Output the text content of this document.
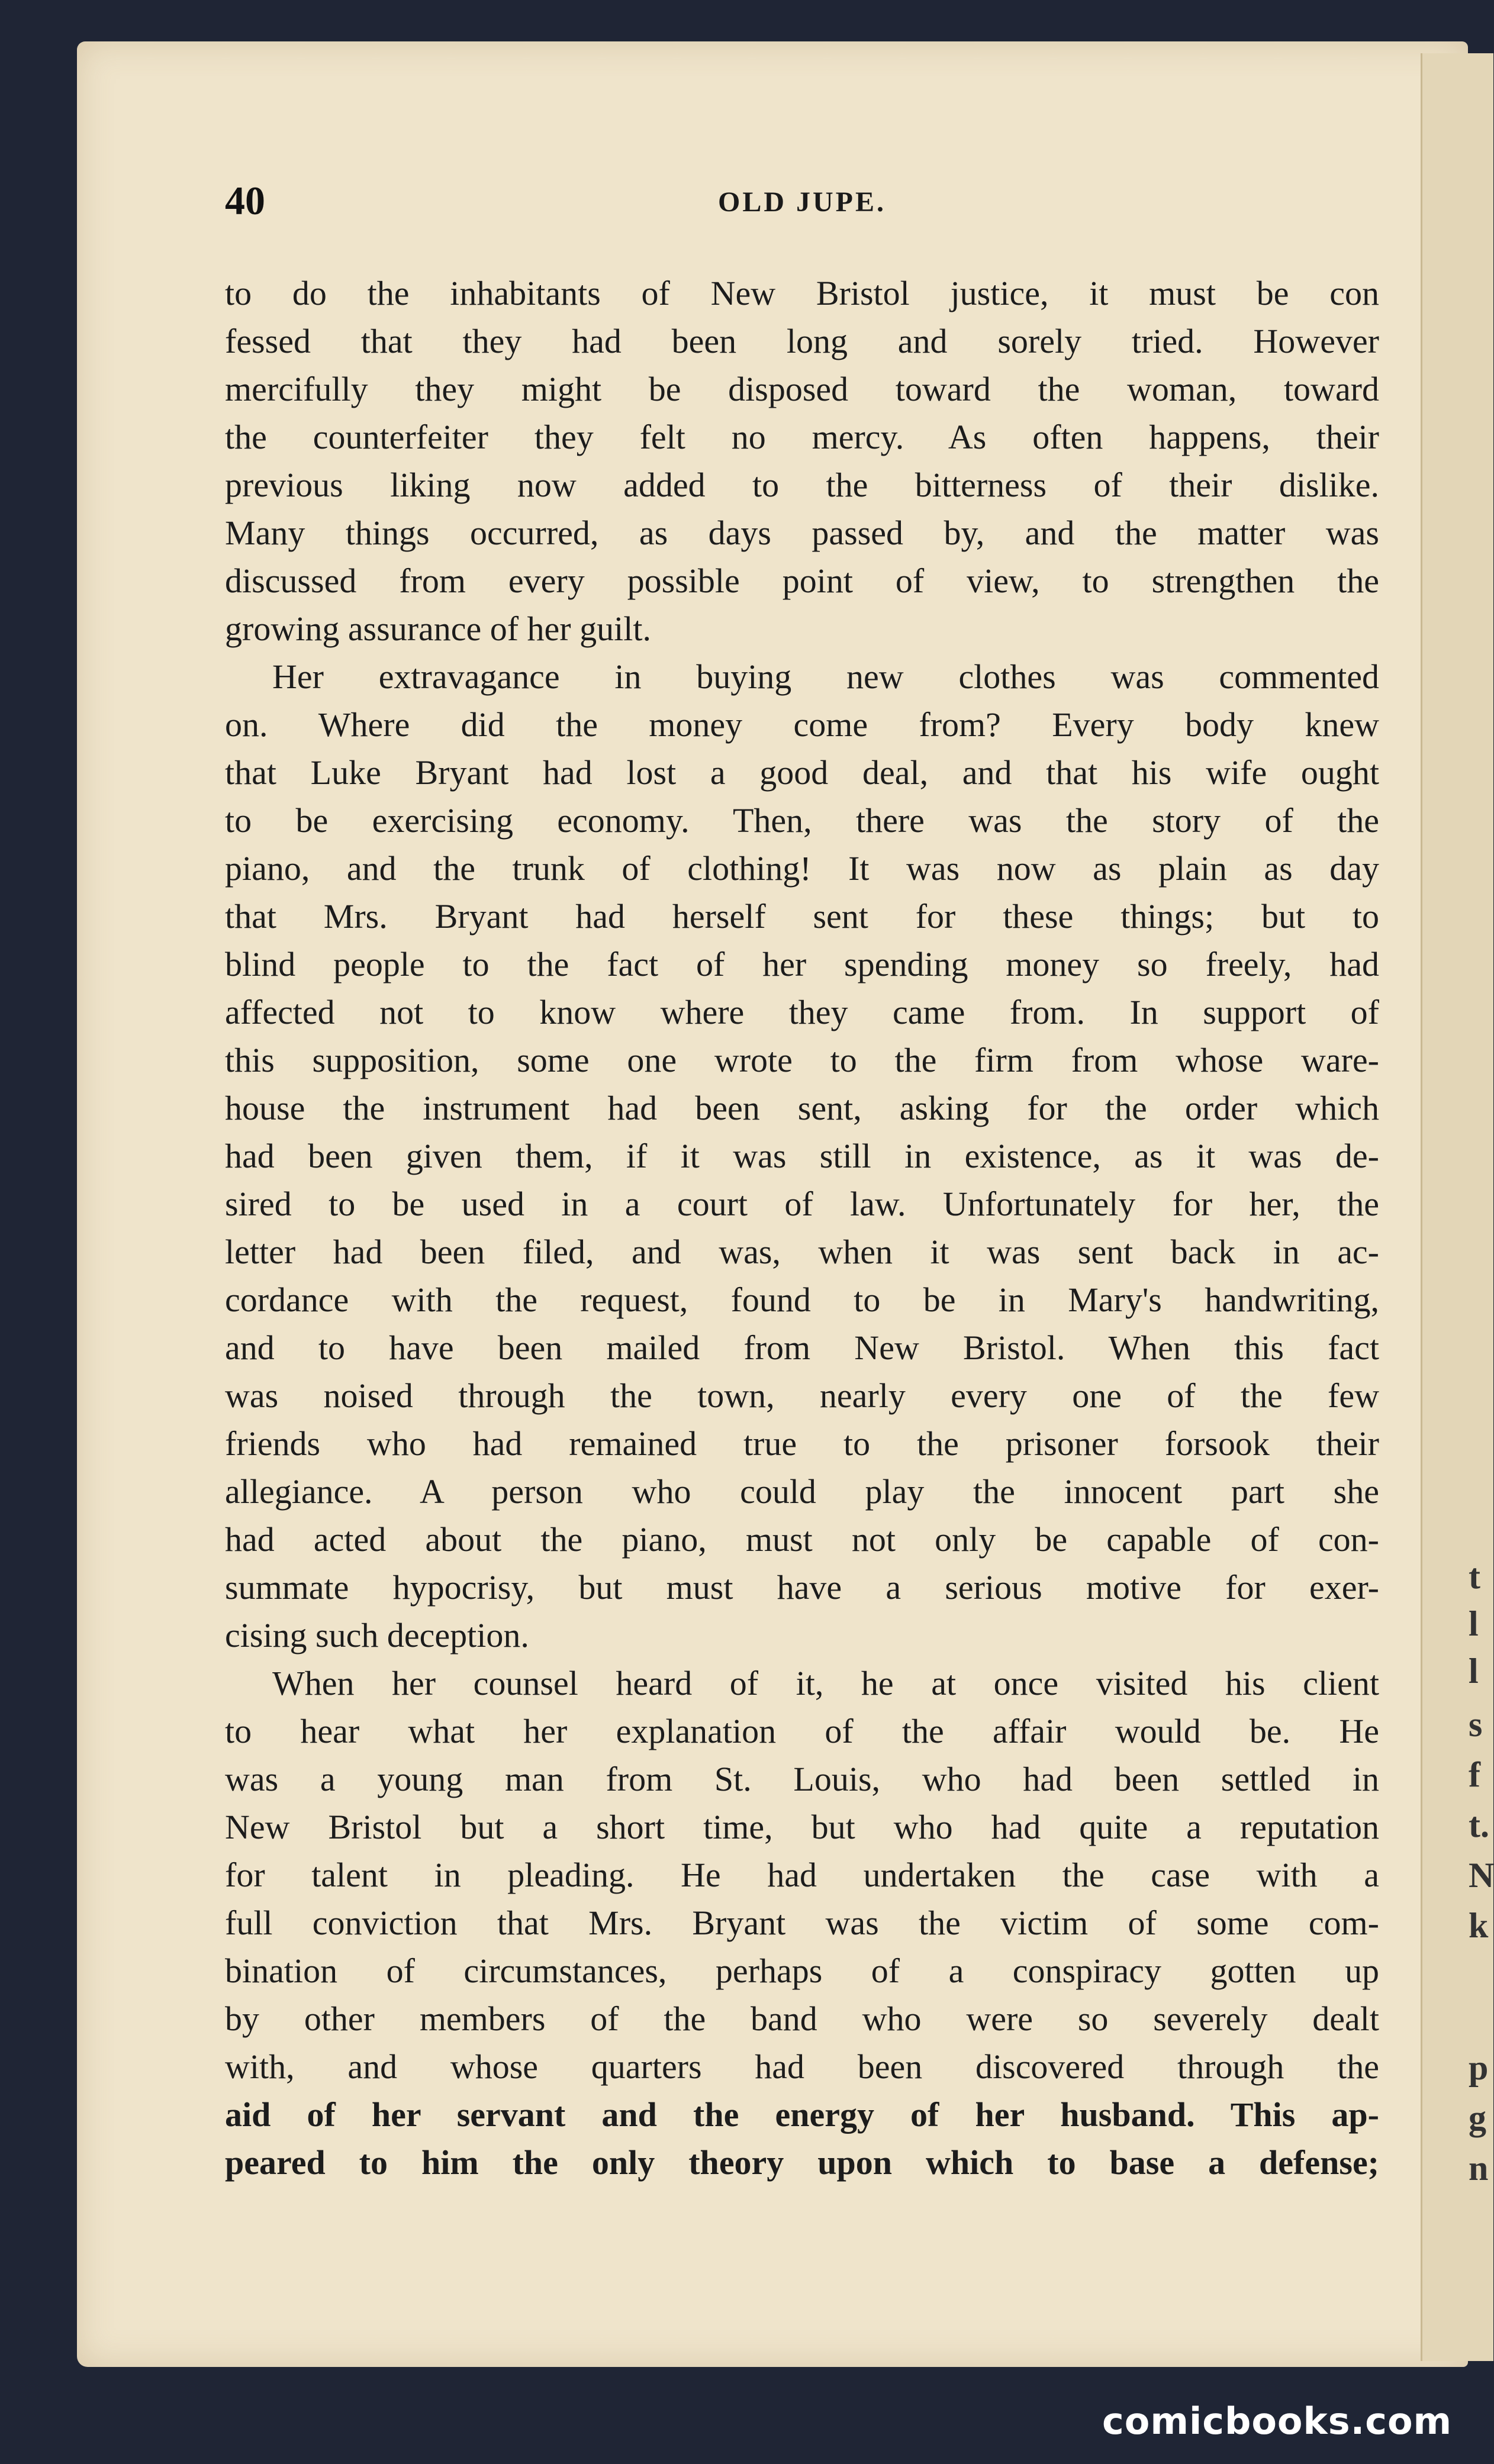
t
l
l
s
f
t.
N
k
p
g
n
40	OLD JUPE.
to do the inhabitants of New Bristol justice, it must be con
fessed that they had been long and sorely tried. However
mercifully they might be disposed toward the woman, toward
the counterfeiter they felt no mercy. As often happens, their
previous liking now added to the bitterness of their dislike.
Many things occurred, as days passed by, and the matter was
discussed from every possible point of view, to strengthen the
growing assurance of her guilt.
Her extravagance in buying new clothes was commented
on. Where did the money come from? Every body knew
that Luke Bryant had lost a good deal, and that his wife ought
to be exercising economy. Then, there was the story of the
piano, and the trunk of clothing! It was now as plain as day
that Mrs. Bryant had herself sent for these things; but to
blind people to the fact of her spending money so freely, had
affected not to know where they came from. In support of
this supposition, some one wrote to the firm from whose ware-
house the instrument had been sent, asking for the order which
had been given them, if it was still in existence, as it was de-
sired to be used in a court of law. Unfortunately for her, the
letter had been filed, and was, when it was sent back in ac-
cordance with the request, found to be in Mary's handwriting,
and to have been mailed from New Bristol. When this fact
was noised through the town, nearly every one of the few
friends who had remained true to the prisoner forsook their
allegiance. A person who could play the innocent part she
had acted about the piano, must not only be capable of con-
summate hypocrisy, but must have a serious motive for exer-
cising such deception.
When her counsel heard of it, he at once visited his client
to hear what her explanation of the affair would be. He
was a young man from St. Louis, who had been settled in
New Bristol but a short time, but who had quite a reputation
for talent in pleading. He had undertaken the case with a
full conviction that Mrs. Bryant was the victim of some com-
bination of circumstances, perhaps of a conspiracy gotten up
by other members of the band who were so severely dealt
with, and whose quarters had been discovered through the
aid of her servant and the energy of her husband. This ap-
peared to him the only theory upon which to base a defense;
comicbooks.com
